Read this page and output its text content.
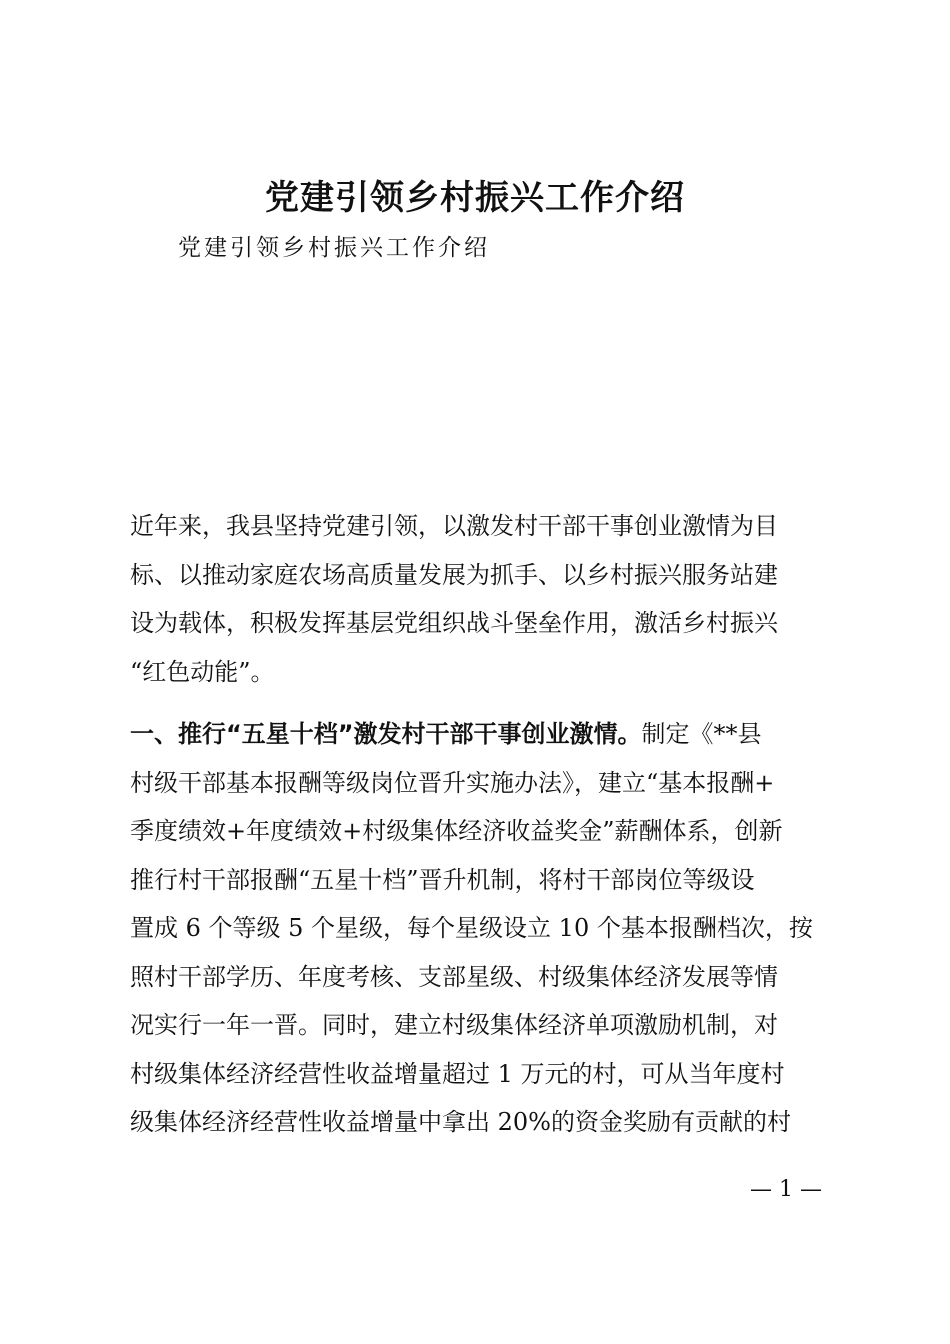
党建引领乡村振兴工作介绍

党建引领乡村振兴工作介绍

近年来，我县坚持党建引领，以激发村干部干事创业激情为目
标、以推动家庭农场高质量发展为抓手、以乡村振兴服务站建
设为载体，积极发挥基层党组织战斗堡垒作用，激活乡村振兴
“红色动能”。
一、推行“五星十档”激发村干部干事创业激情。制定《**县
村级干部基本报酬等级岗位晋升实施办法》，建立“基本报酬+
季度绩效+年度绩效+村级集体经济收益奖金”薪酬体系，创新
推行村干部报酬“五星十档”晋升机制，将村干部岗位等级设
置成 6 个等级 5 个星级，每个星级设立 10 个基本报酬档次，按
照村干部学历、年度考核、支部星级、村级集体经济发展等情
况实行一年一晋。同时，建立村级集体经济单项激励机制，对
村级集体经济经营性收益增量超过 1 万元的村，可从当年度村
级集体经济经营性收益增量中拿出 20%的资金奖励有贡献的村
— 1 —
